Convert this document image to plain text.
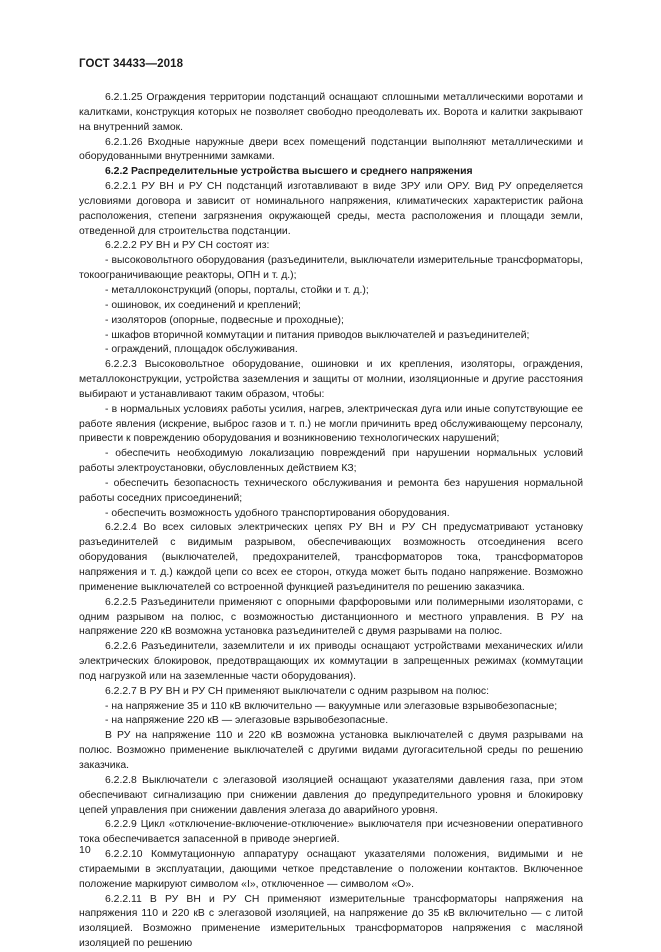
ГОСТ 34433—2018

6.2.1.25 Ограждения территории подстанций оснащают сплошными металлическими воротами и калитками, конструкция которых не позволяет свободно преодолевать их. Ворота и калитки закрывают на внутренний замок.

6.2.1.26 Входные наружные двери всех помещений подстанции выполняют металлическими и оборудованными внутренними замками.

6.2.2 Распределительные устройства высшего и среднего напряжения

6.2.2.1 РУ ВН и РУ СН подстанций изготавливают в виде ЗРУ или ОРУ. Вид РУ определяется условиями договора и зависит от номинального напряжения, климатических характеристик района расположения, степени загрязнения окружающей среды, места расположения и площади земли, отведенной для строительства подстанции.

6.2.2.2 РУ ВН и РУ СН состоят из:

- высоковольтного оборудования (разъединители, выключатели измерительные трансформаторы, токоограничивающие реакторы, ОПН и т. д.);

- металлоконструкций (опоры, порталы, стойки и т. д.);

- ошиновок, их соединений и креплений;

- изоляторов (опорные, подвесные и проходные);

- шкафов вторичной коммутации и питания приводов выключателей и разъединителей;

- ограждений, площадок обслуживания.

6.2.2.3 Высоковольтное оборудование, ошиновки и их крепления, изоляторы, ограждения, металлоконструкции, устройства заземления и защиты от молнии, изоляционные и другие расстояния выбирают и устанавливают таким образом, чтобы:

- в нормальных условиях работы усилия, нагрев, электрическая дуга или иные сопутствующие ее работе явления (искрение, выброс газов и т. п.) не могли причинить вред обслуживающему персоналу, привести к повреждению оборудования и возникновению технологических нарушений;

- обеспечить необходимую локализацию повреждений при нарушении нормальных условий работы электроустановки, обусловленных действием КЗ;

- обеспечить безопасность технического обслуживания и ремонта без нарушения нормальной работы соседних присоединений;

- обеспечить возможность удобного транспортирования оборудования.

6.2.2.4 Во всех силовых электрических цепях РУ ВН и РУ СН предусматривают установку разъединителей с видимым разрывом, обеспечивающих возможность отсоединения всего оборудования (выключателей, предохранителей, трансформаторов тока, трансформаторов напряжения и т. д.) каждой цепи со всех ее сторон, откуда может быть подано напряжение. Возможно применение выключателей со встроенной функцией разъединителя по решению заказчика.

6.2.2.5 Разъединители применяют с опорными фарфоровыми или полимерными изоляторами, с одним разрывом на полюс, с возможностью дистанционного и местного управления. В РУ на напряжение 220 кВ возможна установка разъединителей с двумя разрывами на полюс.

6.2.2.6 Разъединители, заземлители и их приводы оснащают устройствами механических и/или электрических блокировок, предотвращающих их коммутации в запрещенных режимах (коммутации под нагрузкой или на заземленные части оборудования).

6.2.2.7 В РУ ВН и РУ СН применяют выключатели с одним разрывом на полюс:

- на напряжение 35 и 110 кВ включительно — вакуумные или элегазовые взрывобезопасные;

- на напряжение 220 кВ — элегазовые взрывобезопасные.

В РУ на напряжение 110 и 220 кВ возможна установка выключателей с двумя разрывами на полюс. Возможно применение выключателей с другими видами дугогасительной среды по решению заказчика.

6.2.2.8 Выключатели с элегазовой изоляцией оснащают указателями давления газа, при этом обеспечивают сигнализацию при снижении давления до предупредительного уровня и блокировку цепей управления при снижении давления элегаза до аварийного уровня.

6.2.2.9 Цикл «отключение-включение-отключение» выключателя при исчезновении оперативного тока обеспечивается запасенной в приводе энергией.

6.2.2.10 Коммутационную аппаратуру оснащают указателями положения, видимыми и не стираемыми в эксплуатации, дающими четкое представление о положении контактов. Включенное положение маркируют символом «I», отключенное — символом «О».

6.2.2.11 В РУ ВН и РУ СН применяют измерительные трансформаторы напряжения на напряжения 110 и 220 кВ с элегазовой изоляцией, на напряжение до 35 кВ включительно — с литой изоляцией. Возможно применение измерительных трансформаторов напряжения с масляной изоляцией по решению

10
